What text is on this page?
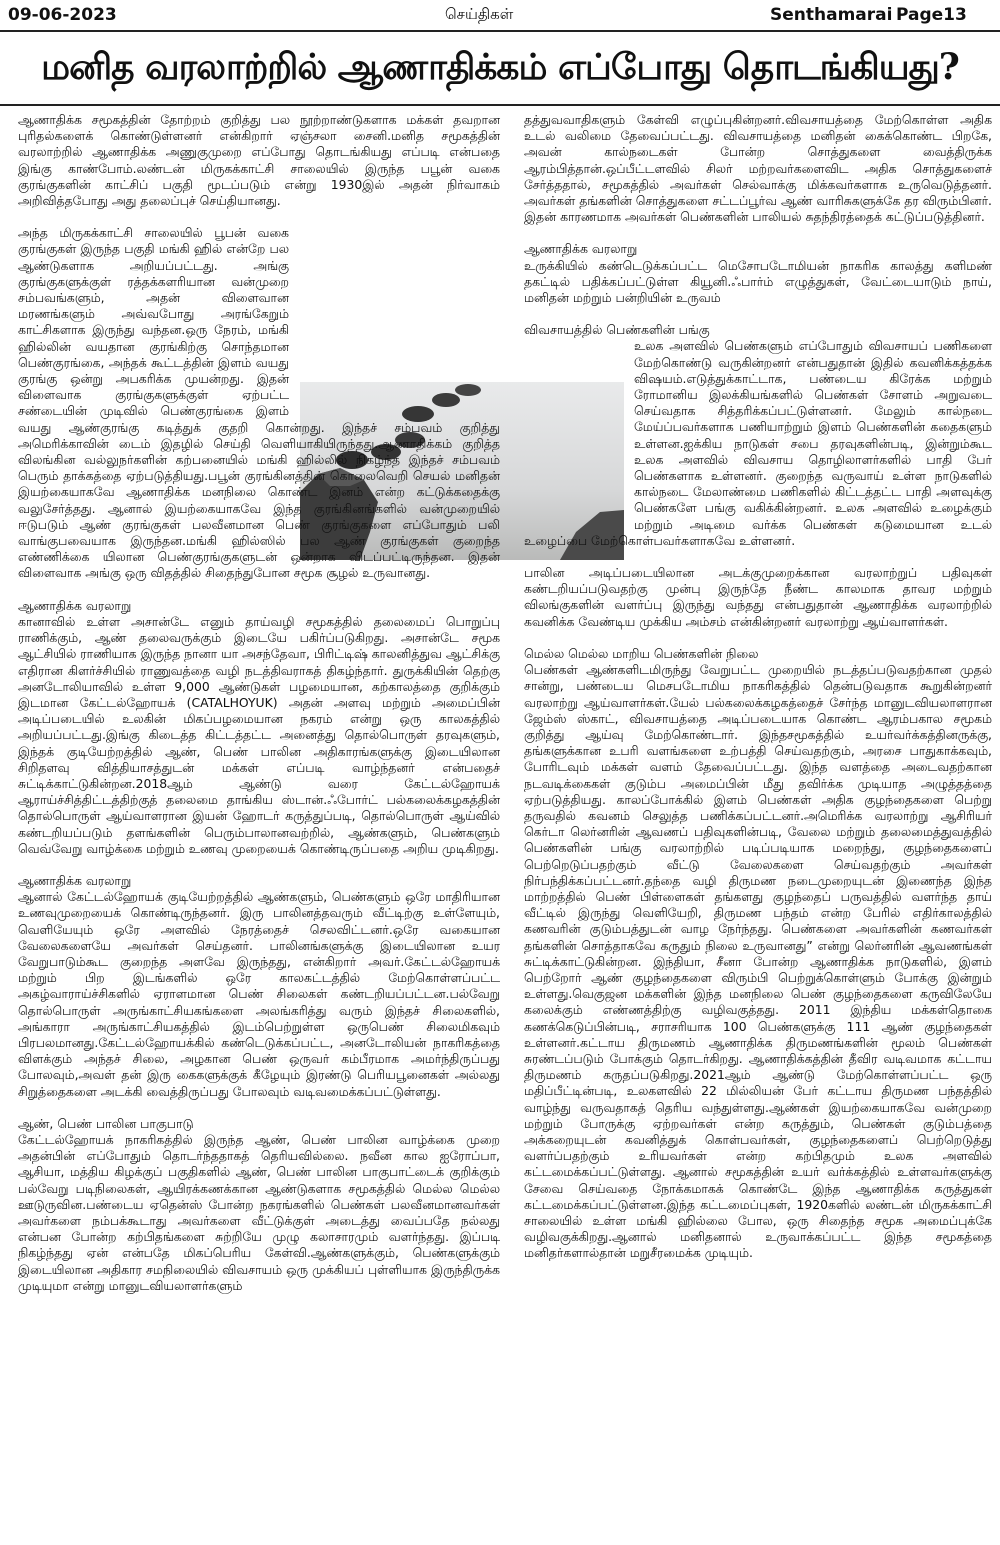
09-06-2023	செய்திகள்	Senthamarai Page13
மனித வரலாற்றில் ஆணாதிக்கம் எப்போது தொடங்கியது?

ஆணாதிக்க சமூகத்தின் தோற்றம் குறித்து பல நூற்றாண்டுகளாக மக்கள் தவறான புரிதல்களைக் கொண்டுள்ளனர் என்கிறார் ஏஞ்சலா சைனி.மனித சமூகத்தின் வரலாற்றில் ஆணாதிக்க அணுகுமுறை எப்போது தொடங்கியது எப்படி என்பதை இங்கு காண்போம்.லண்டன் மிருகக்காட்சி சாலையில் இருந்த பபூன் வகை குரங்குகளின் காட்சிப் பகுதி மூடப்படும் என்று 1930இல் அதன் நிர்வாகம் அறிவித்தபோது அது தலைப்புச் செய்தியானது.

அந்த மிருகக்காட்சி சாலையில் பூபன் வகை குரங்குகள் இருந்த பகுதி மங்கி ஹில் என்றே பல ஆண்டுகளாக அறியப்பட்டது. அங்கு குரங்குகளுக்குள் ரத்தக்களரியான வன்முறை சம்பவங்களும், அதன் விளைவான மரணங்களும் அவ்வபோது அரங்கேறும் காட்சிகளாக இருந்து வந்தன.ஒரு நேரம், மங்கி ஹில்லின் வயதான குரங்கிற்கு சொந்தமான பெண்குரங்கை, அந்தக் கூட்டத்தின் இளம் வயது குரங்கு ஒன்று அபகரிக்க முயன்றது. இதன் விளைவாக குரங்குகளுக்குள் ஏற்பட்ட சண்டையின் முடிவில் பெண்குரங்கை இளம் வயது ஆண்குரங்கு கடித்துக் குதறி கொன்றது. இந்தச் சம்பவம் குறித்து அமெரிக்காவின் டைம் இதழில் செய்தி வெளியாகியிருந்தது.ஆணாதிக்கம் குறித்த விலங்கின வல்லுநர்களின் கற்பனையில் மங்கி ஹில்லில் நிகழ்ந்த இந்தச் சம்பவம் பெரும் தாக்கத்தை ஏற்படுத்தியது.பபூன் குரங்கினத்தின் கொலைவெறி செயல் மனிதன் இயற்கையாகவே ஆணாதிக்க மனநிலை கொண்ட இனம் என்ற கட்டுக்கதைக்கு வலுசேர்த்தது. ஆனால் இயற்கையாகவே இந்த குரங்கினங்களில் வன்முறையில் ஈடுபடும் ஆண் குரங்குகள் பலவீனமான பெண் குரங்குகளை எப்போதும் பலி வாங்குபவையாக இருந்தன.மங்கி ஹில்ஸில் பல ஆண் குரங்குகள் குறைந்த எண்ணிக்கை யிலான பெண்குரங்குகளுடன் ஒன்றாக விடப்பட்டிருந்தன. இதன் விளைவாக அங்கு ஒரு விதத்தில் சிதைந்துபோன சமூக சூழல் உருவானது.

ஆணாதிக்க வரலாறு

கானாவில் உள்ள அசான்டே எனும் தாய்வழி சமூகத்தில் தலைமைப் பொறுப்பு ராணிக்கும், ஆண் தலைவருக்கும் இடையே பகிர்ப்படுகிறது. அசான்டே சமூக ஆட்சியில் ராணியாக இருந்த நானா யா அசந்தேவா, பிரிட்டிஷ் காலனித்துவ ஆட்சிக்கு எதிரான கிளர்ச்சியில் ராணுவத்தை வழி நடத்திவராகத் திகழ்ந்தார். துருக்கியின் தெற்கு அனடோலியாவில் உள்ள 9,000 ஆண்டுகள் பழமையான, கற்காலத்தை குறிக்கும் இடமான கேட்டல்ஹோயக் (CATALHOYUK) அதன் அளவு மற்றும் அமைப்பின் அடிப்படையில் உலகின் மிகப்பழமையான நகரம் என்று ஒரு காலகத்தில் அறியப்பட்டது.இங்கு கிடைத்த கிட்டத்தட்ட அனைத்து தொல்பொருள் தரவுகளும், இந்தக் குடியேற்றத்தில் ஆண், பெண் பாலின அதிகாரங்களுக்கு இடையிலான சிறிதளவு வித்தியாசத்துடன் மக்கள் எப்படி வாழ்ந்தனர் என்பதைச் சுட்டிக்காட்டுகின்றன.2018ஆம் ஆண்டு வரை கேட்டல்ஹோயக் ஆராய்ச்சித்திட்டத்திற்குத் தலைமை தாங்கிய ஸ்டான்.ஃபோர்ட் பல்கலைக்கழகத்தின் தொல்பொருள் ஆய்வாளரான இயன் ஹோடர் கருத்துப்படி, தொல்பொருள் ஆய்வில் கண்டறியப்படும் தளங்களின் பெரும்பாலானவற்றில், ஆண்களும், பெண்களும் வெவ்வேறு வாழ்க்கை மற்றும் உணவு முறையைக் கொண்டிருப்பதை அறிய முடிகிறது.

ஆணாதிக்க வரலாறு

ஆனால் கேட்டல்ஹோயக் குடியேற்றத்தில் ஆண்களும், பெண்களும் ஒரே மாதிரியான உணவுமுறையைக் கொண்டிருந்தனர். இரு பாலினத்தவரும் வீட்டிற்கு உள்ளேயும், வெளியேயும் ஒரே அளவில் நேரத்தைச் செலவிட்டனர்.ஒரே வகையான வேலைகளையே அவர்கள் செய்தனர். பாலினங்களுக்கு இடையிலான உயர வேறுபாடும்கூட குறைந்த அளவே இருந்தது, என்கிறார் அவர்.கேட்டல்ஹோயக் மற்றும் பிற இடங்களில் ஒரே காலகட்டத்தில் மேற்கொள்ளப்பட்ட அகழ்வாராய்ச்சிகளில் ஏராளமான பெண் சிலைகள் கண்டறியப்பட்டன.பல்வேறு தொல்பொருள் அருங்காட்சியகங்களை அலங்கரித்து வரும் இந்தச் சிலைகளில், அங்காரா அருங்காட்சியகத்தில் இடம்பெற்றுள்ள ஒருபெண் சிலைமிகவும் பிரபலமானது.கேட்டல்ஹோயக்கில் கண்டெடுக்கப்பட்ட, அனடோலியன் நாகரிகத்தை விளக்கும் அந்தச் சிலை, அழகான பெண் ஒருவர் கம்பீரமாக அமர்ந்திருப்பது போலவும்,அவள் தன் இரு கைகளுக்குக் கீழேயும் இரண்டு பெரியபூனைகள் அல்லது சிறுத்தைகளை அடக்கி வைத்திருப்பது போலவும் வடிவமைக்கப்பட்டுள்ளது.

ஆண், பெண் பாலின பாகுபாடு

கேட்டல்ஹோயக் நாகரிகத்தில் இருந்த ஆண், பெண் பாலின வாழ்க்கை முறை அதன்பின் எப்போதும் தொடர்ந்ததாகத் தெரியவில்லை. நவீன கால ஐரோப்பா, ஆசியா, மத்திய கிழக்குப் பகுதிகளில் ஆண், பெண் பாலின பாகுபாட்டைக் குறிக்கும் பல்வேறு படிநிலைகள், ஆயிரக்கணக்கான ஆண்டுகளாக சமூகத்தில் மெல்ல மெல்ல ஊடுருவின.பண்டைய ஏதென்ஸ் போன்ற நகரங்களில் பெண்கள் பலவீனமானவர்கள் அவர்களை நம்பக்கூடாது அவர்களை வீட்டுக்குள் அடைத்து வைப்பதே நல்லது என்பன போன்ற கற்பிதங்களை சுற்றியே முழு கலாசாரமும் வளர்ந்தது. இப்படி நிகழ்ந்தது ஏன் என்பதே மிகப்பெரிய கேள்வி.ஆண்களுக்கும், பெண்களுக்கும் இடையிலான அதிகார சமநிலையில் விவசாயம் ஒரு முக்கியப் புள்ளியாக இருந்திருக்க முடியுமா என்று மானுடவியலாளர்களும்

தத்துவவாதிகளும் கேள்வி எழுப்புகின்றனர்.விவசாயத்தை மேற்கொள்ள அதிக உடல் வலிமை தேவைப்பட்டது. விவசாயத்தை மனிதன் கைக்கொண்ட பிறகே, அவன் கால்நடைகள் போன்ற சொத்துகளை வைத்திருக்க ஆரம்பித்தான்.ஒப்பீட்டளவில் சிலர் மற்றவர்களைவிட அதிக சொத்துகளைச் சேர்த்ததால், சமூகத்தில் அவர்கள் செல்வாக்கு மிக்கவர்களாக உருவெடுத்தனர். அவர்கள் தங்களின் சொத்துகளை சட்டப்பூர்வ ஆண் வாரிசுகளுக்கே தர விரும்பினர். இதன் காரணமாக அவர்கள் பெண்களின் பாலியல் சுதந்திரத்தைக் கட்டுப்படுத்தினர்.

ஆணாதிக்க வரலாறு

உருக்கியில் கண்டெடுக்கப்பட்ட மெசோபடோமியன் நாகரிக காலத்து களிமண் தகட்டில் பதிக்கப்பட்டுள்ள கியூனி.ஃபார்ம் எழுத்துகள், வேட்டையாடும் நாய், மனிதன் மற்றும் பன்றியின் உருவம்

விவசாயத்தில் பெண்களின் பங்கு

உலக அளவில் பெண்களும் எப்போதும் விவசாயப் பணிகளை மேற்கொண்டு வருகின்றனர் என்பதுதான் இதில் கவனிக்கத்தக்க விஷயம்.எடுத்துக்காட்டாக, பண்டைய கிரேக்க மற்றும் ரோமானிய இலக்கியங்களில் பெண்கள் சோளம் அறுவடை செய்வதாக சித்தரிக்கப்பட்டுள்ளனர். மேலும் கால்நடை மேய்ப்பவர்களாக பணியாற்றும் இளம் பெண்களின் கதைகளும் உள்ளன.ஐக்கிய நாடுகள் சபை தரவுகளின்படி, இன்றும்கூட உலக அளவில் விவசாய தொழிலாளர்களில் பாதி பேர் பெண்களாக உள்ளனர். குறைந்த வருவாய் உள்ள நாடுகளில் கால்நடை மேலாண்மை பணிகளில் கிட்டத்தட்ட பாதி அளவுக்கு பெண்களே பங்கு வகிக்கின்றனர். உலக அளவில் உழைக்கும் மற்றும் அடிமை வர்க்க பெண்கள் கடுமையான உடல் உழைப்பை மேற்கொள்பவர்களாகவே உள்ளனர்.

பாலின அடிப்படையிலான அடக்குமுறைக்கான வரலாற்றுப் பதிவுகள் கண்டறியப்படுவதற்கு முன்பு இருந்தே நீண்ட காலமாக தாவர மற்றும் விலங்குகளின் வளர்ப்பு இருந்து வந்தது என்பதுதான் ஆணாதிக்க வரலாற்றில் கவனிக்க வேண்டிய முக்கிய அம்சம் என்கின்றனர் வரலாற்று ஆய்வாளர்கள்.

மெல்ல மெல்ல மாறிய பெண்களின் நிலை

பெண்கள் ஆண்களிடமிருந்து வேறுபட்ட முறையில் நடத்தப்படுவதற்கான முதல் சான்று, பண்டைய மெசபடோமிய நாகரிகத்தில் தென்படுவதாக கூறுகின்றனர் வரலாற்று ஆய்வாளர்கள்.யேல் பல்கலைக்கழகத்தைச் சேர்ந்த மானுடவியலாளரான ஜேம்ஸ் ஸ்காட், விவசாயத்தை அடிப்படையாக கொண்ட ஆரம்பகால சமூகம் குறித்து ஆய்வு மேற்கொண்டார். இந்தசமூகத்தில் உயர்வர்க்கத்தினருக்கு, தங்களுக்கான உபரி வளங்களை உற்பத்தி செய்வதற்கும், அரசை பாதுகாக்கவும், போரிடவும் மக்கள் வளம் தேவைப்பட்டது. இந்த வளத்தை அடைவதற்கான நடவடிக்கைகள் குடும்ப அமைப்பின் மீது தவிர்க்க முடியாத அழுத்தத்தை ஏற்படுத்தியது. காலப்போக்கில் இளம் பெண்கள் அதிக குழந்தைகளை பெற்று தருவதில் கவனம் செலுத்த பணிக்கப்பட்டனர்.அமெரிக்க வரலாற்று ஆசிரியர் கெர்டா லெர்னரின் ஆவணப் பதிவுகளின்படி, வேலை மற்றும் தலைமைத்துவத்தில் பெண்களின் பங்கு வரலாற்றில் படிப்படியாக மறைந்து, குழந்தைகளைப் பெற்றெடுப்பதற்கும் வீட்டு வேலைகளை செய்வதற்கும் அவர்கள் நிர்பந்திக்கப்பட்டனர்.தந்தை வழி திருமண நடைமுறையுடன் இணைந்த இந்த மாற்றத்தில் பெண் பிள்ளைகள் தங்களது குழந்தைப் பருவத்தில் வளர்ந்த தாய் வீட்டில் இருந்து வெளியேறி, திருமண பந்தம் என்ற பேரில் எதிர்காலத்தில் கணவரின் குடும்பத்துடன் வாழ நேர்ந்தது. பெண்களை அவர்களின் கணவர்கள் தங்களின் சொத்தாகவே கருதும் நிலை உருவானது” என்று லெர்னரின் ஆவணங்கள் சுட்டிக்காட்டுகின்றன. இந்தியா, சீனா போன்ற ஆணாதிக்க நாடுகளில், இளம் பெற்றோர் ஆண் குழந்தைகளை விரும்பி பெற்றுக்கொள்ளும் போக்கு இன்றும் உள்ளது.வெகுஜன மக்களின் இந்த மனநிலை பெண் குழந்தைகளை கருவிலேயே கலைக்கும் எண்ணத்திற்கு வழிவகுத்தது. 2011 இந்திய மக்கள்தொகை கணக்கெடுப்பின்படி, சராசரியாக 100 பெண்களுக்கு 111 ஆண் குழந்தைகள் உள்ளனர்.கட்டாய திருமணம் ஆணாதிக்க திருமணங்களின் மூலம் பெண்கள் சுரண்டப்படும் போக்கும் தொடர்கிறது. ஆணாதிக்கத்தின் தீவிர வடிவமாக கட்டாய திருமணம் கருதப்படுகிறது.2021ஆம் ஆண்டு மேற்கொள்ளப்பட்ட ஒரு மதிப்பீட்டின்படி, உலகளவில் 22 மில்லியன் பேர் கட்டாய திருமண பந்தத்தில் வாழ்ந்து வருவதாகத் தெரிய வந்துள்ளது.ஆண்கள் இயற்கையாகவே வன்முறை மற்றும் போருக்கு ஏற்றவர்கள் என்ற கருத்தும், பெண்கள் குடும்பத்தை அக்கறையுடன் கவனித்துக் கொள்பவர்கள், குழந்தைகளைப் பெற்றெடுத்து வளர்ப்பதற்கும் உரியவர்கள் என்ற கற்பிதமும் உலக அளவில் கட்டமைக்கப்பட்டுள்ளது. ஆனால் சமூகத்தின் உயர் வர்க்கத்தில் உள்ளவர்களுக்கு சேவை செய்வதை நோக்கமாகக் கொண்டே இந்த ஆணாதிக்க கருத்துகள் கட்டமைக்கப்பட்டுள்ளன.இந்த கட்டமைப்புகள், 1920களில் லண்டன் மிருகக்காட்சி சாலையில் உள்ள மங்கி ஹில்லை போல, ஒரு சிதைந்த சமூக அமைப்புக்கே வழிவகுக்கிறது.ஆனால் மனிதனால் உருவாக்கப்பட்ட இந்த சமூகத்தை மனிதர்களால்தான் மறுசீரமைக்க முடியும்.
